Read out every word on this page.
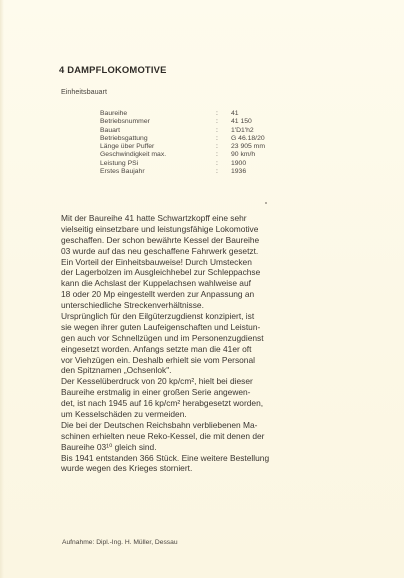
4 DAMPFLOKOMOTIVE
Einheitsbauart
Baureihe	: 41
Betriebsnummer	: 41 150
Bauart	: 1'D1'h2
Betriebsgattung	: G 46.18/20
Länge über Puffer	: 23 905 mm
Geschwindigkeit max.	: 90 km/h
Leistung PSi	: 1900
Erstes Baujahr	: 1936
Mit der Baureihe 41 hatte Schwartzkopff eine sehr
vielseitig einsetzbare und leistungsfähige Lokomotive
geschaffen. Der schon bewährte Kessel der Baureihe
03 wurde auf das neu geschaffene Fahrwerk gesetzt.
Ein Vorteil der Einheitsbauweise! Durch Umstecken
der Lagerbolzen im Ausgleichhebel zur Schleppachse
kann die Achslast der Kuppelachsen wahlweise auf
18 oder 20 Mp eingestellt werden zur Anpassung an
unterschiedliche Streckenverhältnisse.
Ursprünglich für den Eilgüterzugdienst konzipiert, ist
sie wegen ihrer guten Laufeigenschaften und Leistun-
gen auch vor Schnellzügen und im Personenzugdienst
eingesetzt worden. Anfangs setzte man die 41er oft
vor Viehzügen ein. Deshalb erhielt sie vom Personal
den Spitznamen „Ochsenlok".
Der Kesselüberdruck von 20 kp/cm², hielt bei dieser
Baureihe erstmalig in einer großen Serie angewen-
det, ist nach 1945 auf 16 kp/cm² herabgesetzt worden,
um Kesselschäden zu vermeiden.
Die bei der Deutschen Reichsbahn verbliebenen Ma-
schinen erhielten neue Reko-Kessel, die mit denen der
Baureihe 03¹⁰ gleich sind.
Bis 1941 entstanden 366 Stück. Eine weitere Bestellung
wurde wegen des Krieges storniert.
Aufnahme: Dipl.-Ing. H. Müller, Dessau
